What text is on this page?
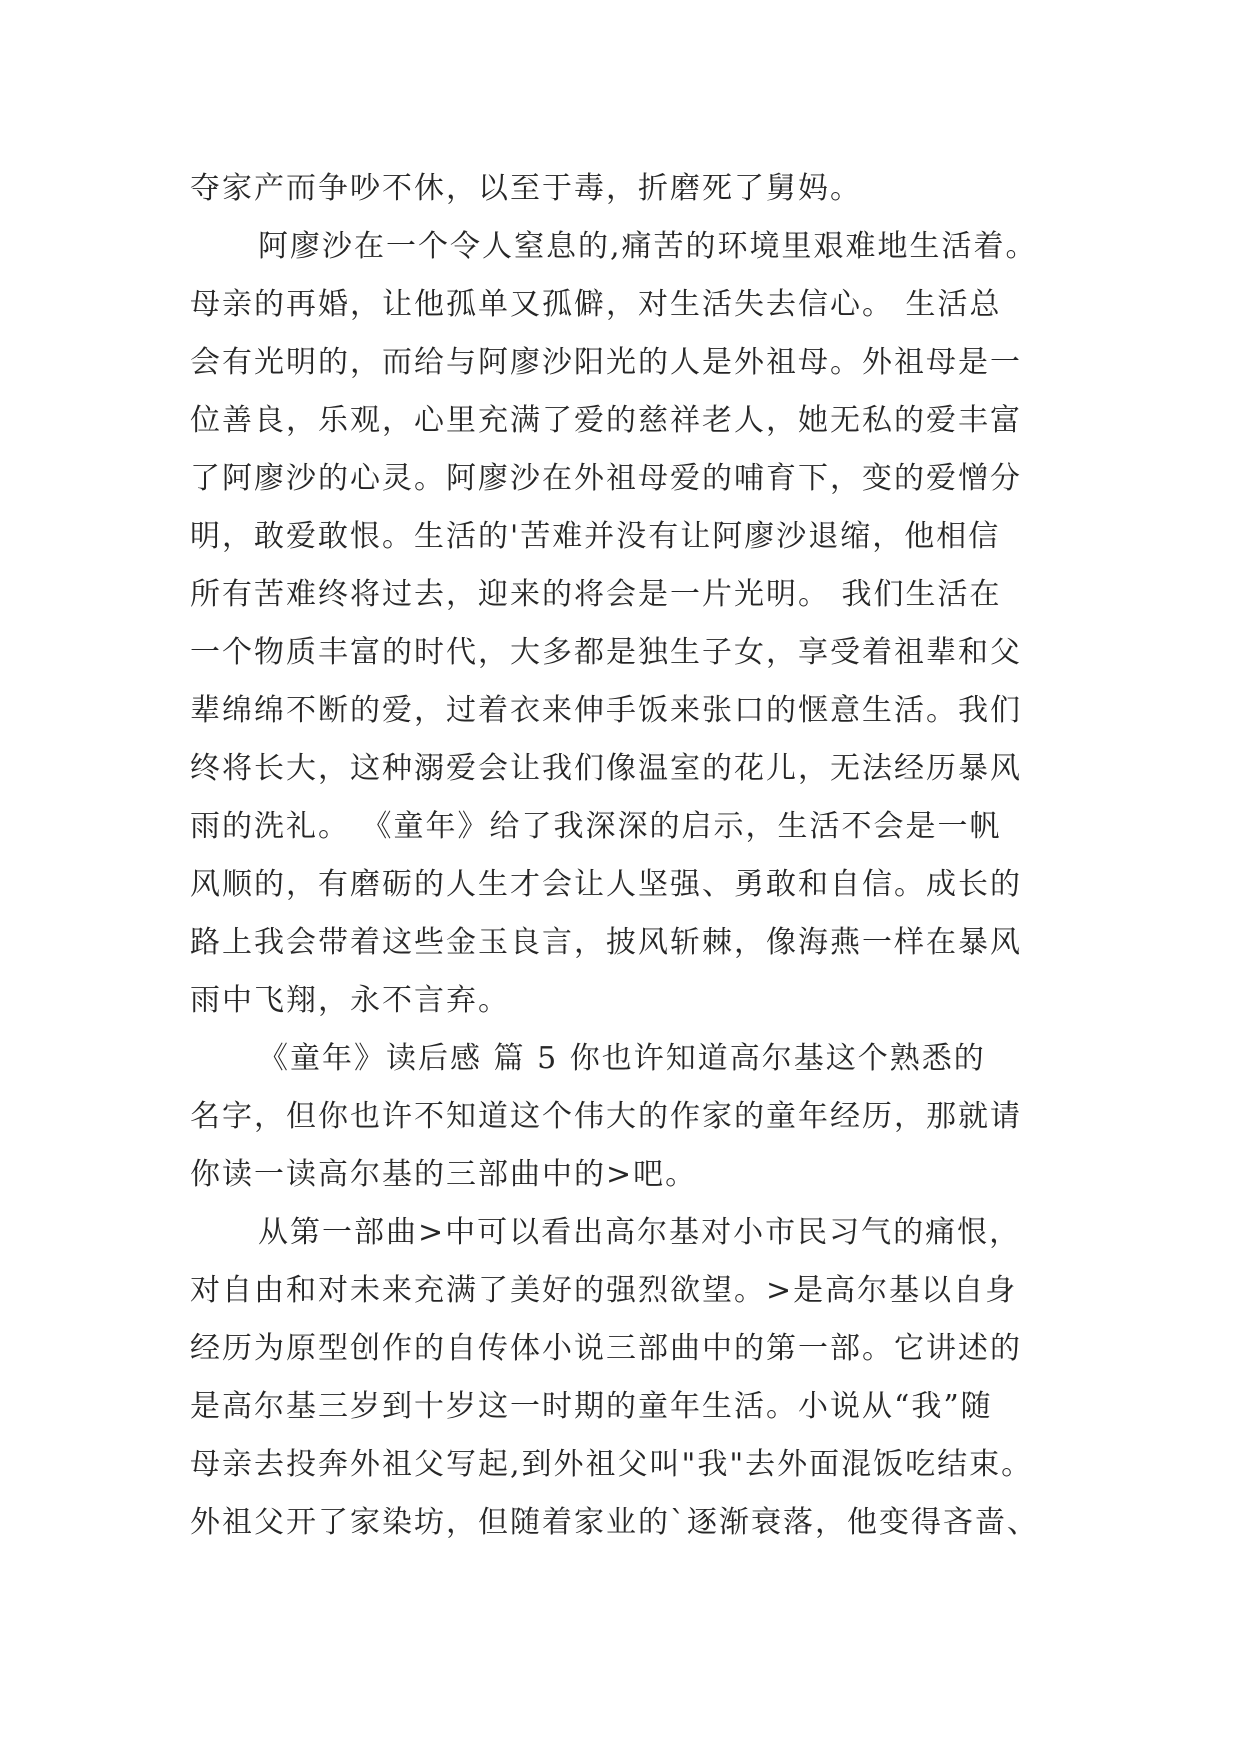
夺家产而争吵不休，以至于毒，折磨死了舅妈。
阿廖沙在一个令人窒息的,痛苦的环境里艰难地生活着。
母亲的再婚，让他孤单又孤僻，对生活失去信心。 生活总
会有光明的，而给与阿廖沙阳光的人是外祖母。外祖母是一
位善良，乐观，心里充满了爱的慈祥老人，她无私的爱丰富
了阿廖沙的心灵。阿廖沙在外祖母爱的哺育下，变的爱憎分
明，敢爱敢恨。生活的'苦难并没有让阿廖沙退缩，他相信
所有苦难终将过去，迎来的将会是一片光明。 我们生活在
一个物质丰富的时代，大多都是独生子女，享受着祖辈和父
辈绵绵不断的爱，过着衣来伸手饭来张口的惬意生活。我们
终将长大，这种溺爱会让我们像温室的花儿，无法经历暴风
雨的洗礼。 《童年》给了我深深的启示，生活不会是一帆
风顺的，有磨砺的人生才会让人坚强、勇敢和自信。成长的
路上我会带着这些金玉良言，披风斩棘，像海燕一样在暴风
雨中飞翔，永不言弃。
《童年》读后感 篇 5 你也许知道高尔基这个熟悉的
名字，但你也许不知道这个伟大的作家的童年经历，那就请
你读一读高尔基的三部曲中的>吧。
从第一部曲>中可以看出高尔基对小市民习气的痛恨，
对自由和对未来充满了美好的强烈欲望。>是高尔基以自身
经历为原型创作的自传体小说三部曲中的第一部。它讲述的
是高尔基三岁到十岁这一时期的童年生活。小说从“我”随
母亲去投奔外祖父写起,到外祖父叫"我"去外面混饭吃结束。
外祖父开了家染坊，但随着家业的`逐渐衰落，他变得吝啬、
